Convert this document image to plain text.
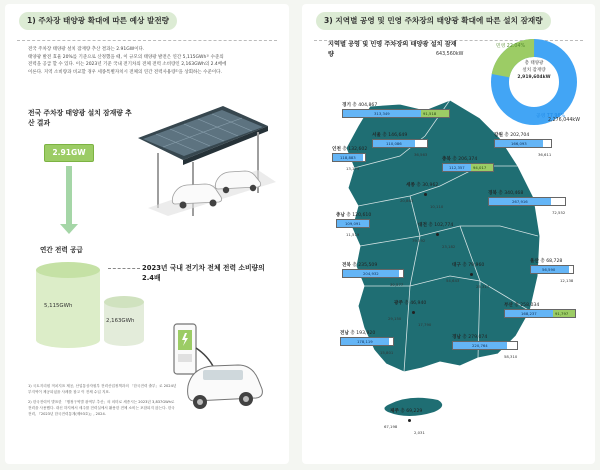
1) 주차장 태양광 확대에 따른 예상 발전량
전국 주차장 태양광 설치 잠재량 추산 결과는 2.91GW이다.
태양광 발전 효율 20%를 기준으로 산정했을 때, 이 규모의 태양광 발전은 연간 5,115GWh¹⁾ 수준의
전력을 공급 할 수 있다. 이는 2023년 기준 국내 전기차의 전체 전력 소비량인 2,163GWh의 2.4배에
이른다. 지역 소비량과 비교할 경우 세종특별자치시 전체의 연간 전력사용량²⁾을 상회하는 수준이다.
전국 주차장 태양광 설치 잠재량 추산 결과
2.91GW
연간 전력 공급
5,115GWh
2,163GWh
2023년 국내 전기차 전체 전력 소비량의 2.4배

1) 국토지리원 적치지표 제공, 산업통상자원부 전력산업정책과의 「한국전력 출부」로 2024년 부지역이 제공되었을 사례를 참고 이 전체 수입 지표.

2) 한국전력이 발표한 「행정구역별 광역부 추산」의 의미로 세종시는 2023년 3,837GWh로 전력을 사용했다. 대신 하지에서 세주를 전력실에서 활용한 전체 소비는 포함되지 않는다. 한국전력, 『2023년 한국전력통계(제93호)』, 2024.

3) 지역별 공영 및 민영 주차장의 태양광 확대에 따른 설치 잠재량
지역별 공영 및 민영 주차장의 태양광 설치 잠재량
총 태양광
설치 잠재량
2,919,604kW
민영 22.04%
공영 77.96%
643,560kW
2,276,044kW
경기 총 404,867
313,349	91,518
서울 총 146,649
110,086
36,563
인천 총 132,602
118,883
13,179
강원 총 202,704
166,093
36,611
충북 총 206,374
112,357 94,017
세종 총 30,962
20,863
10,110
충남 총 120,610
109,091
11,519
대전 총 102,774
79,592
23,182
경북 총 340,468
267,916
72,552
전북 총 235,509
204,932
30,577
대구 총 79,960
54,643
25,317
울산 총 68,728
56,590
12,138
광주 총 46,940
29,150
17,790
부산 총 258,034
168,237	91,797
전남 총 193,920
178,119
15,801
경남 총 279,074
220,764
58,310
제주 총 69,229
67,198
2,031
